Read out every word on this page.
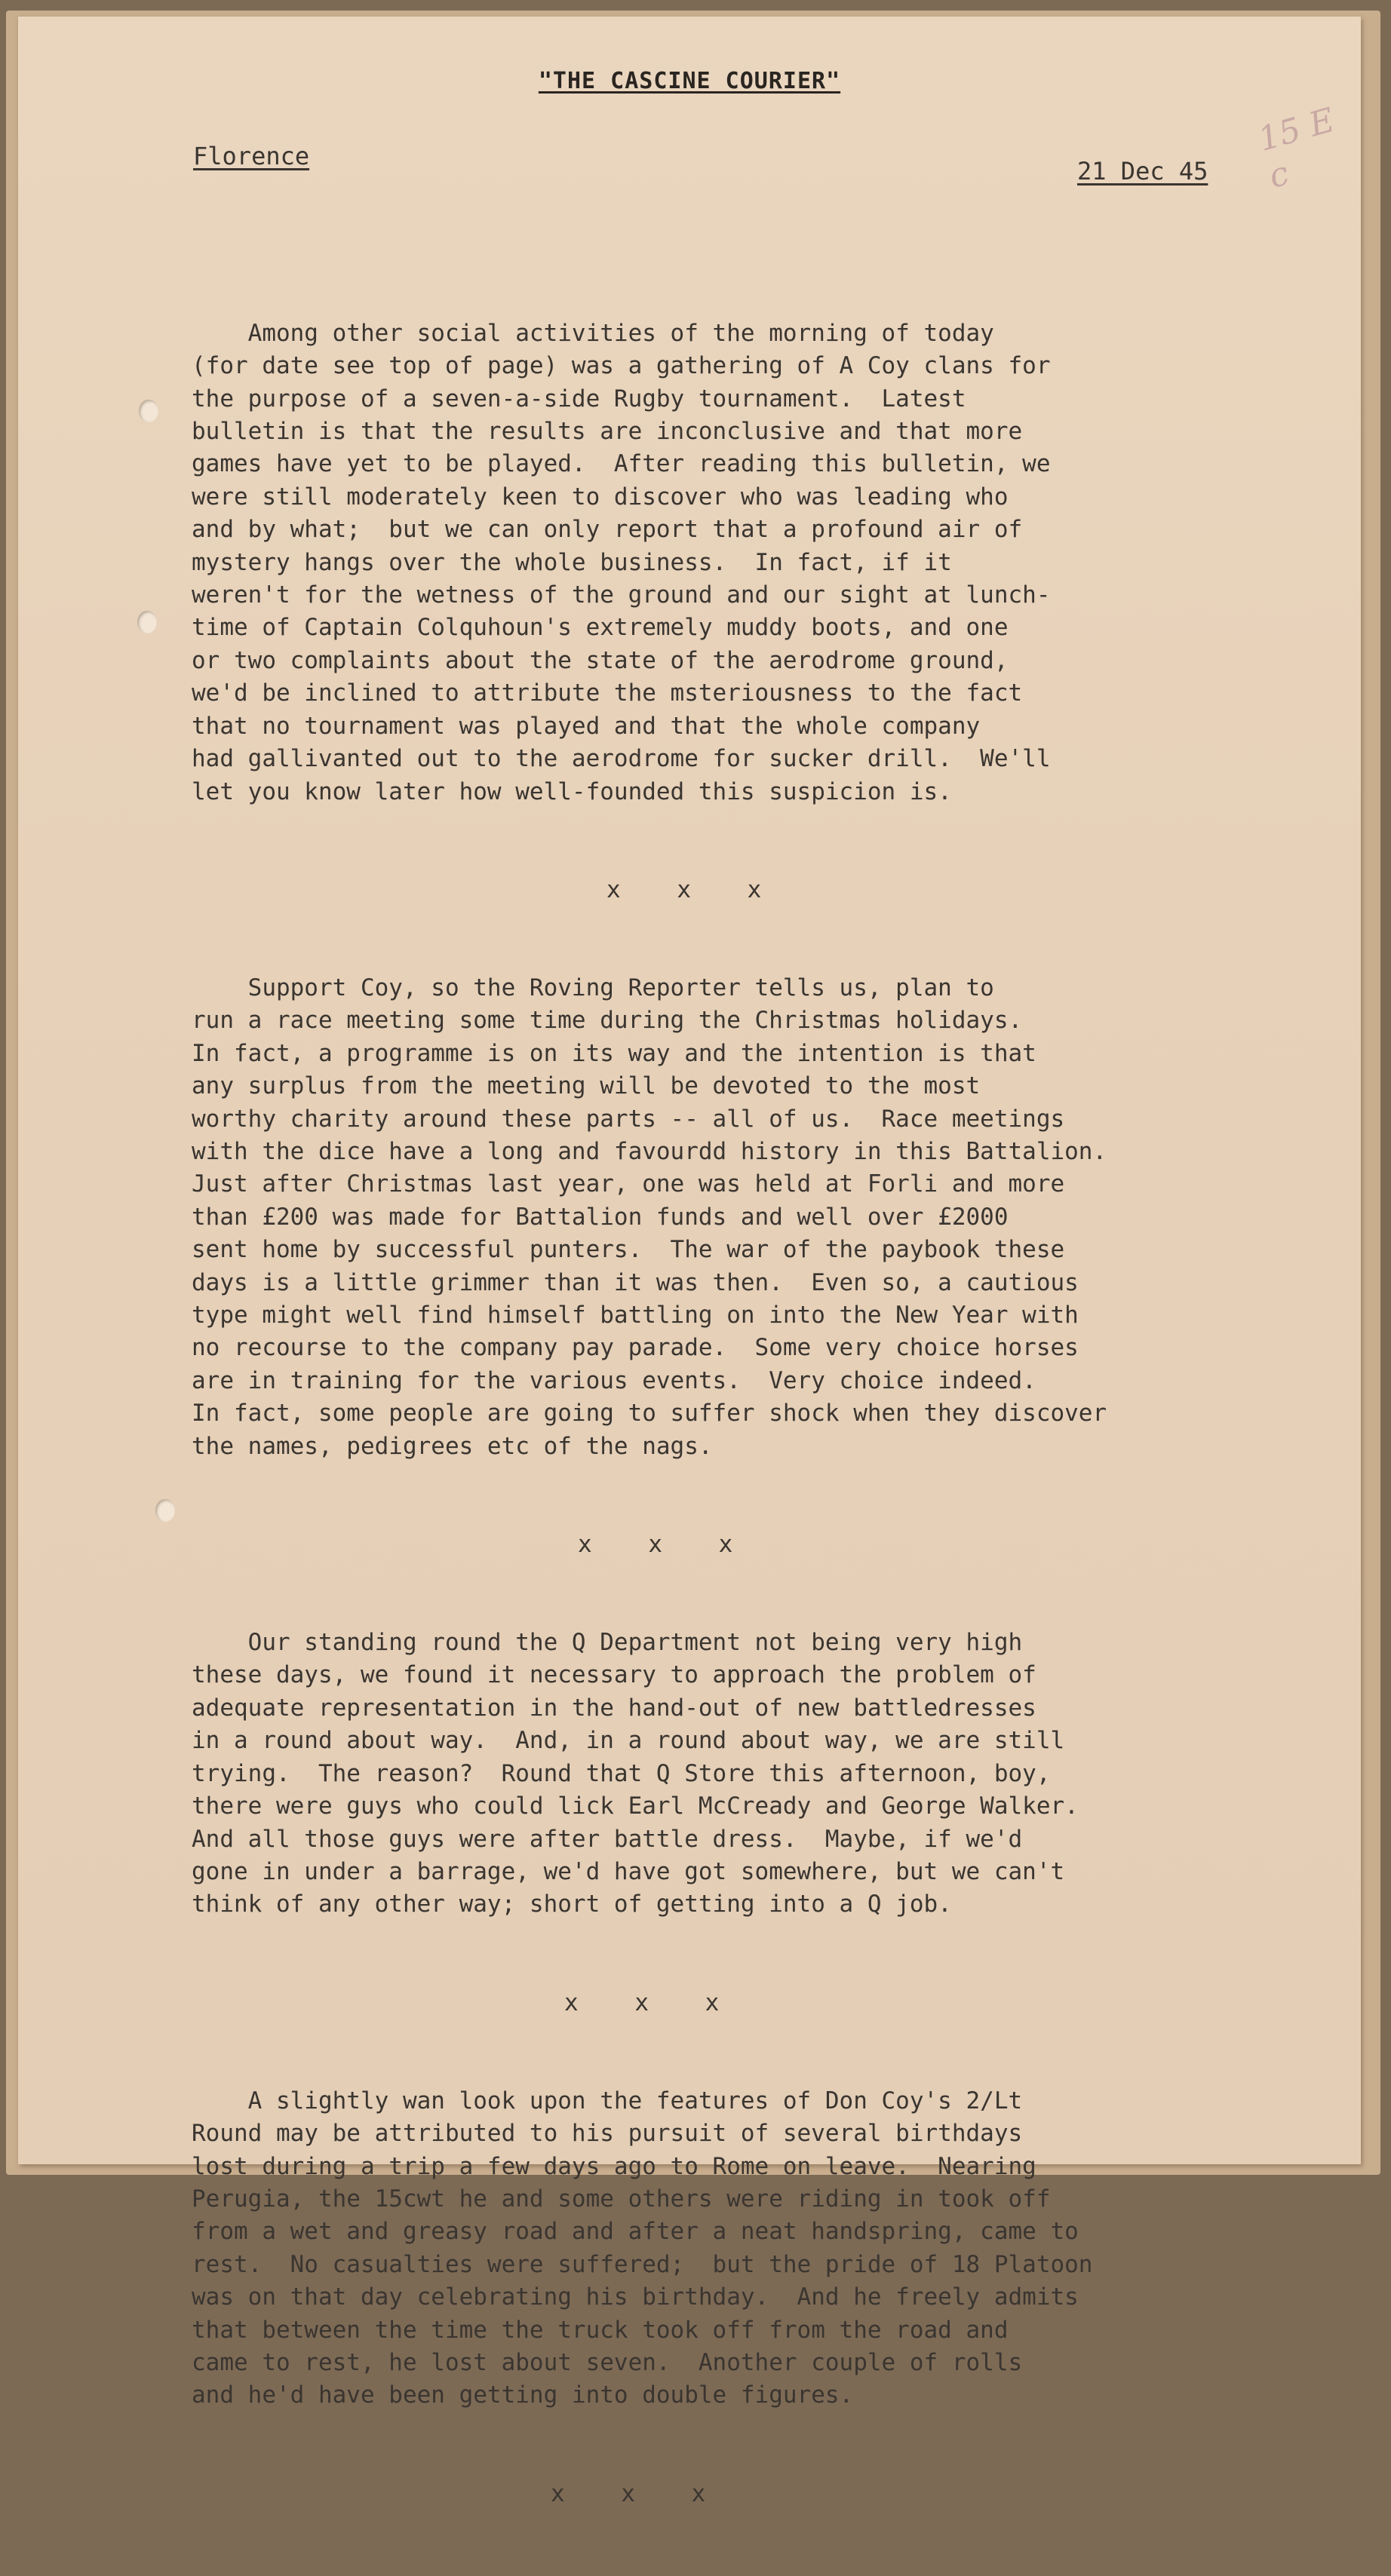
"THE CASCINE COURIER"
Florence
21 Dec 45
15 E c

Among other social activities of the morning of today
(for date see top of page) was a gathering of A Coy clans for
the purpose of a seven-a-side Rugby tournament.  Latest
bulletin is that the results are inconclusive and that more
games have yet to be played.  After reading this bulletin, we
were still moderately keen to discover who was leading who
and by what;  but we can only report that a profound air of
mystery hangs over the whole business.  In fact, if it
weren't for the wetness of the ground and our sight at lunch-
time of Captain Colquhoun's extremely muddy boots, and one
or two complaints about the state of the aerodrome ground,
we'd be inclined to attribute the msteriousness to the fact
that no tournament was played and that the whole company
had gallivanted out to the aerodrome for sucker drill.  We'll
let you know later how well-founded this suspicion is.

x    x    x

Support Coy, so the Roving Reporter tells us, plan to
run a race meeting some time during the Christmas holidays.
In fact, a programme is on its way and the intention is that
any surplus from the meeting will be devoted to the most
worthy charity around these parts -- all of us.  Race meetings
with the dice have a long and favourdd history in this Battalion.
Just after Christmas last year, one was held at Forli and more
than £200 was made for Battalion funds and well over £2000
sent home by successful punters.  The war of the paybook these
days is a little grimmer than it was then.  Even so, a cautious
type might well find himself battling on into the New Year with
no recourse to the company pay parade.  Some very choice horses
are in training for the various events.  Very choice indeed.
In fact, some people are going to suffer shock when they discover
the names, pedigrees etc of the nags.

x    x    x

Our standing round the Q Department not being very high
these days, we found it necessary to approach the problem of
adequate representation in the hand-out of new battledresses
in a round about way.  And, in a round about way, we are still
trying.  The reason?  Round that Q Store this afternoon, boy,
there were guys who could lick Earl McCready and George Walker.
And all those guys were after battle dress.  Maybe, if we'd
gone in under a barrage, we'd have got somewhere, but we can't
think of any other way; short of getting into a Q job.

x    x    x

A slightly wan look upon the features of Don Coy's 2/Lt
Round may be attributed to his pursuit of several birthdays
lost during a trip a few days ago to Rome on leave.  Nearing
Perugia, the 15cwt he and some others were riding in took off
from a wet and greasy road and after a neat handspring, came to
rest.  No casualties were suffered;  but the pride of 18 Platoon
was on that day celebrating his birthday.  And he freely admits
that between the time the truck took off from the road and
came to rest, he lost about seven.  Another couple of rolls
and he'd have been getting into double figures.

x    x    x
